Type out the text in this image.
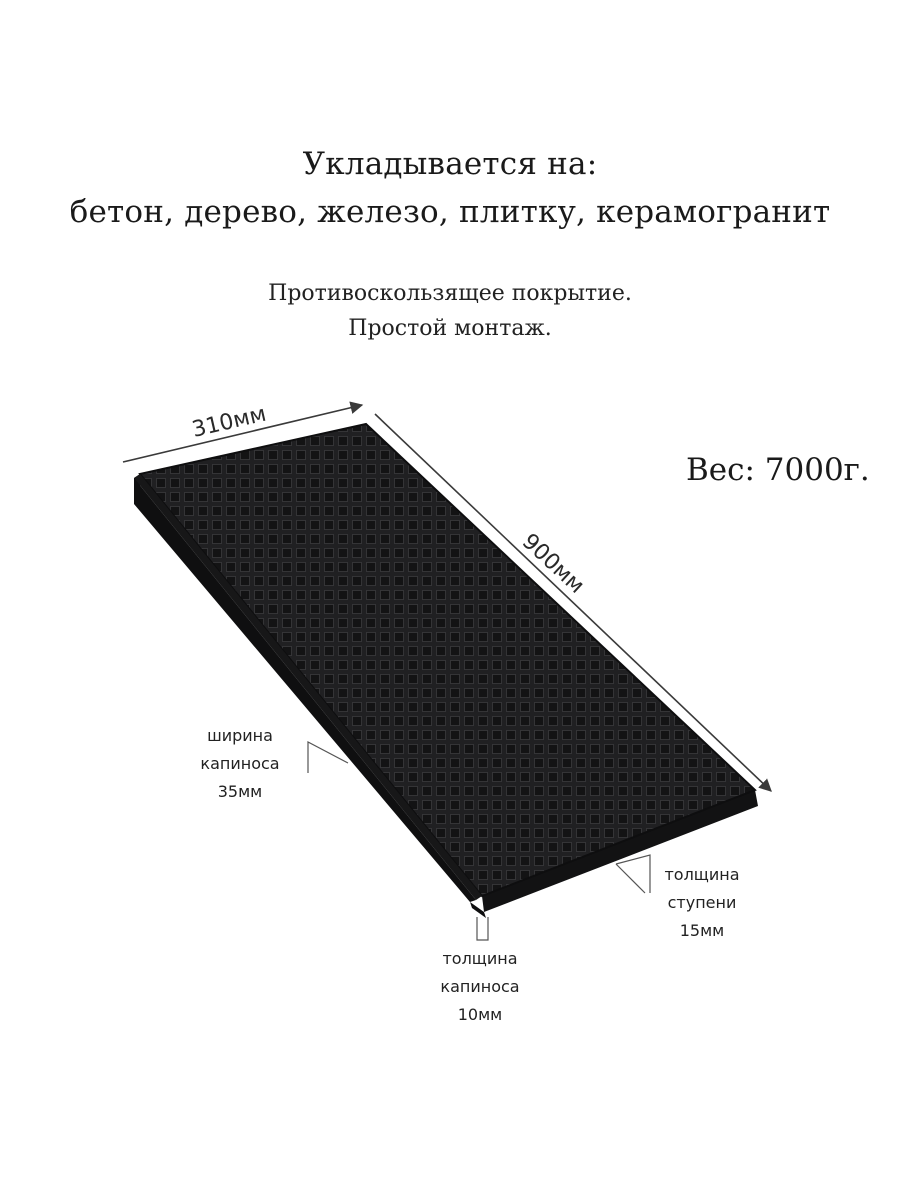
Укладывается на:
бетон, дерево, железо, плитку, керамогранит
Противоскользящее покрытие.
Простой монтаж.
Вес: 7000г.
310мм
900мм
ширина
капиноса
35мм
толщина
ступени
15мм
толщина
капиноса
10мм
